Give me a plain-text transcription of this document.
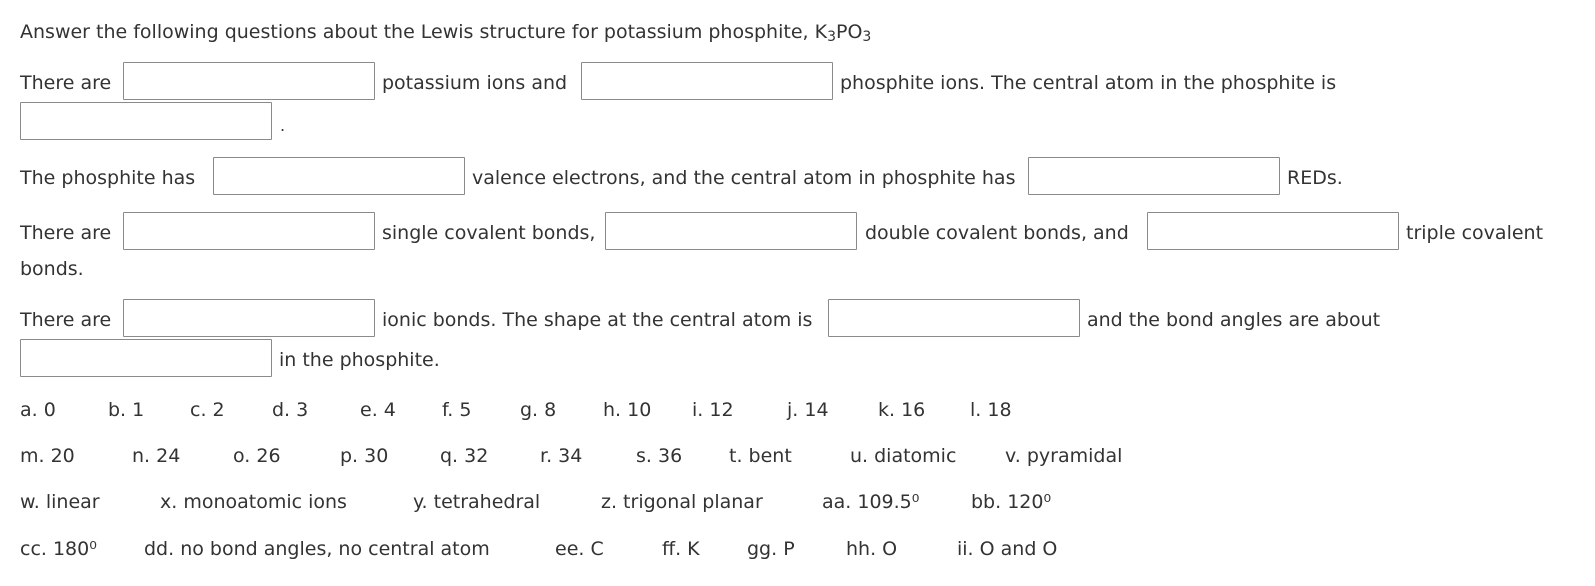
Answer the following questions about the Lewis structure for potassium phosphite, $K_3PO_3$
There are	potassium ions and	phosphite ions. The central atom in the phosphite is
.
The phosphite has	valence electrons, and the central atom in phosphite has	REDs.
There are	single covalent bonds,	double covalent bonds, and	triple covalent
bonds.
There are	ionic bonds. The shape at the central atom is	and the bond angles are about
in the phosphite.
a. 0	b. 1 c. 2 d. 3	e. 4 f. 5	g. 8 h. 10 i. 12	j. 14	k. 16 l. 18
m. 20	n. 24	o. 26	p. 30	q. 32	r. 34	s. 36 t. bent	u. diatomic	v. pyramidal
w. linear	x. monoatomic ions	y. tetrahedral	z. trigonal planar	aa. 109.5⁰	bb. 120⁰
cc. 180⁰ dd. no bond angles, no central atom	ee. C	ff. K gg. P	hh. O	ii. O and O
